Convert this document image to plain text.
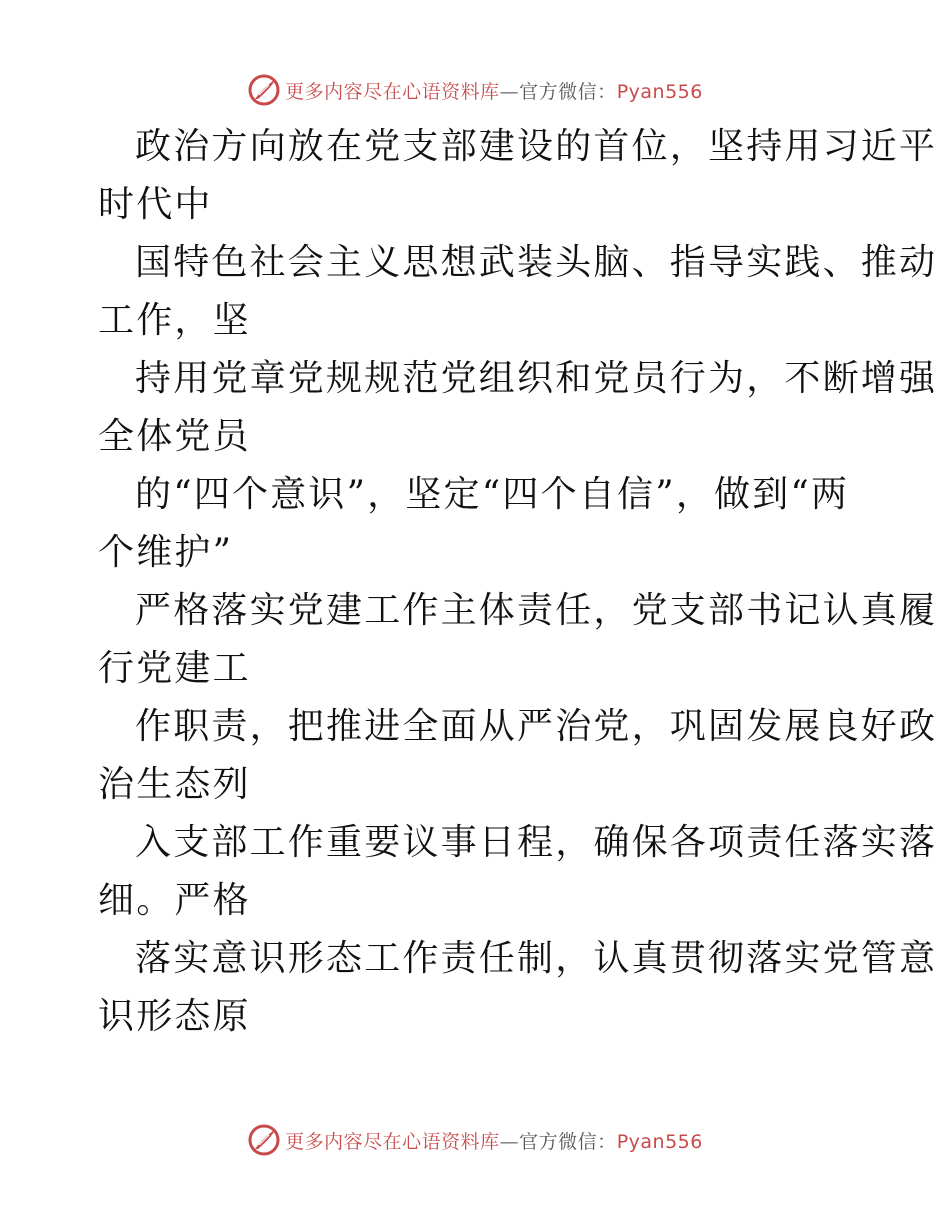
更多内容尽在心语资料库—官方微信：Pyan556
政治方向放在党支部建设的首位，坚持用习近平
时代中
国特色社会主义思想武装头脑、指导实践、推动
工作，坚
持用党章党规规范党组织和党员行为，不断增强
全体党员
的“四个意识”，坚定“四个自信”，做到“两
个维护”
严格落实党建工作主体责任，党支部书记认真履
行党建工
作职责，把推进全面从严治党，巩固发展良好政
治生态列
入支部工作重要议事日程，确保各项责任落实落
细。严格
落实意识形态工作责任制，认真贯彻落实党管意
识形态原
更多内容尽在心语资料库—官方微信：Pyan556
